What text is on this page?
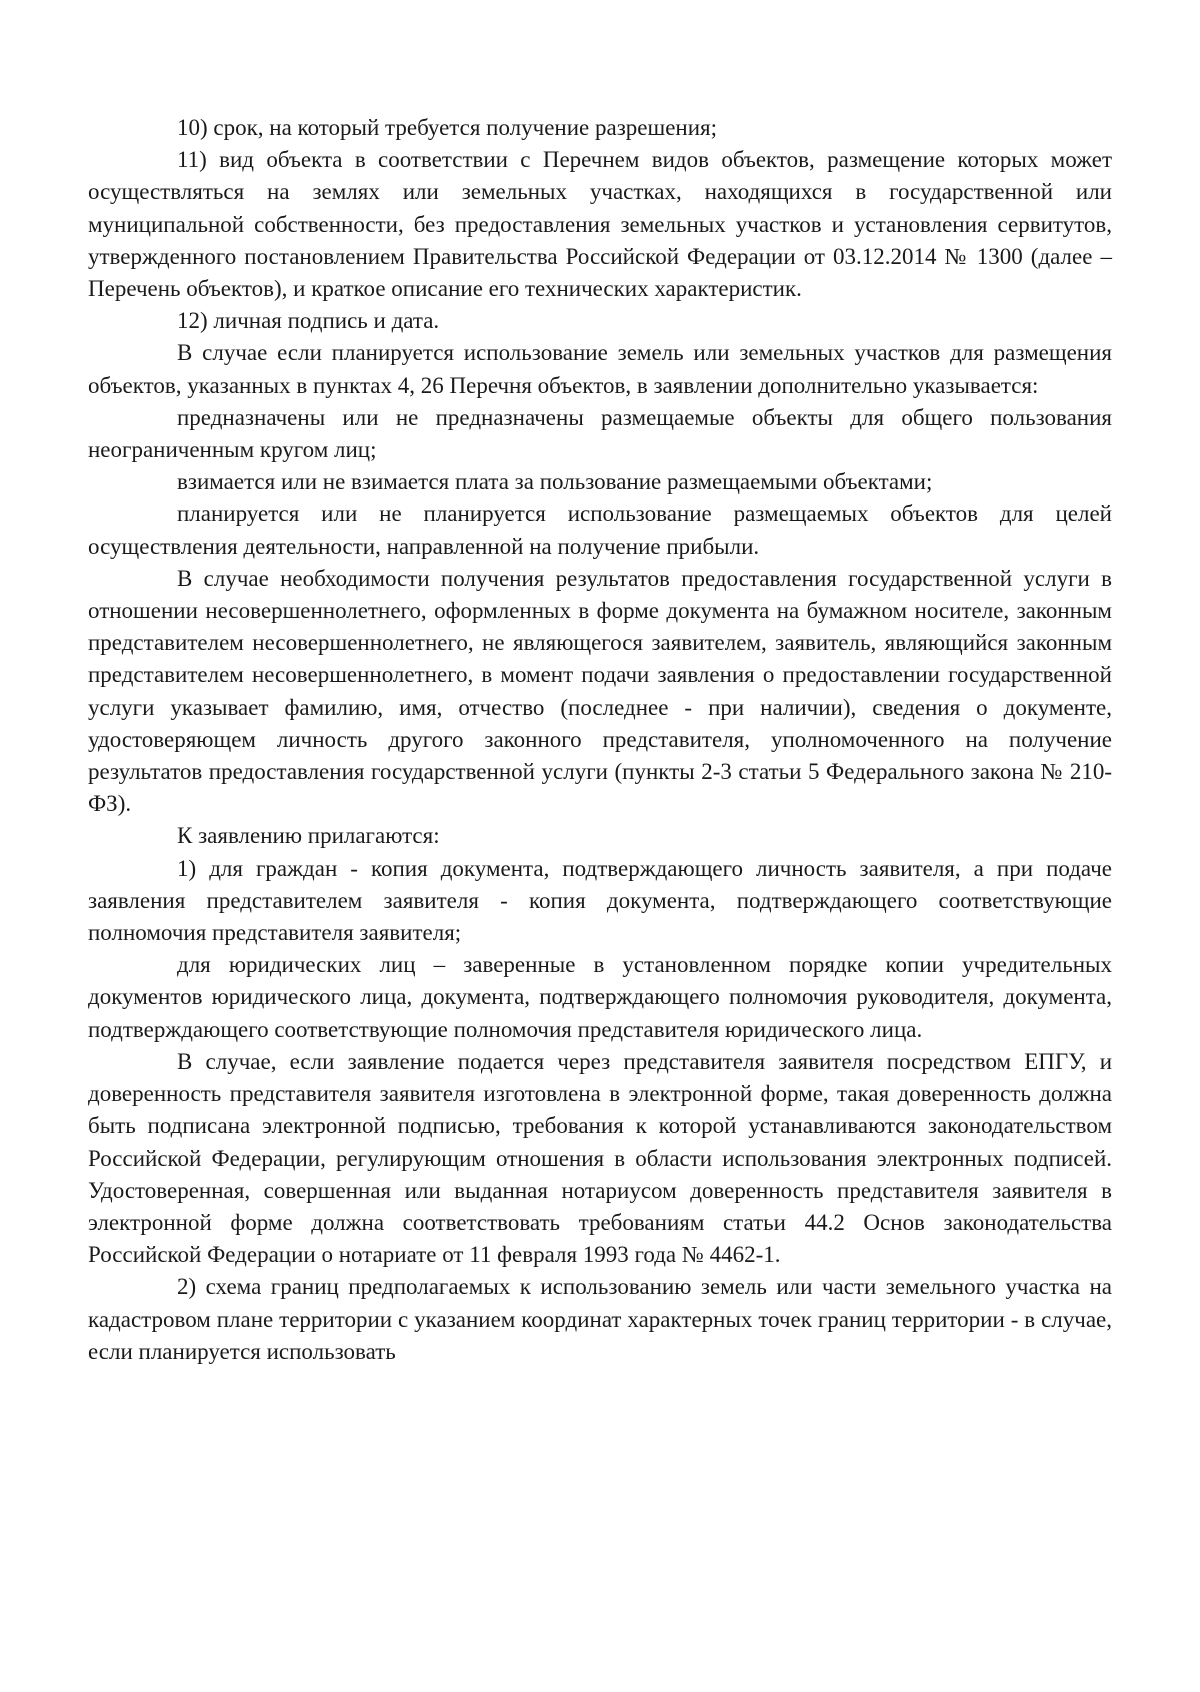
10) срок, на который требуется получение разрешения;

11) вид объекта в соответствии с Перечнем видов объектов, размещение которых может осуществляться на землях или земельных участках, находящихся в государственной или муниципальной собственности, без предоставления земельных участков и установления сервитутов, утвержденного постановлением Правительства Российской Федерации от 03.12.2014 № 1300 (далее – Перечень объектов), и краткое описание его технических характеристик.

12) личная подпись и дата.

В случае если планируется использование земель или земельных участков для размещения объектов, указанных в пунктах 4, 26 Перечня объектов, в заявлении дополнительно указывается:

предназначены или не предназначены размещаемые объекты для общего пользования неограниченным кругом лиц;

взимается или не взимается плата за пользование размещаемыми объектами;

планируется или не планируется использование размещаемых объектов для целей осуществления деятельности, направленной на получение прибыли.

В случае необходимости получения результатов предоставления государственной услуги в отношении несовершеннолетнего, оформленных в форме документа на бумажном носителе, законным представителем несовершеннолетнего, не являющегося заявителем, заявитель, являющийся законным представителем несовершеннолетнего, в момент подачи заявления о предоставлении государственной услуги указывает фамилию, имя, отчество (последнее - при наличии), сведения о документе, удостоверяющем личность другого законного представителя, уполномоченного на получение результатов предоставления государственной услуги (пункты 2-3 статьи 5 Федерального закона № 210-ФЗ).

К заявлению прилагаются:

1) для граждан - копия документа, подтверждающего личность заявителя, а при подаче заявления представителем заявителя - копия документа, подтверждающего соответствующие полномочия представителя заявителя;

для юридических лиц – заверенные в установленном порядке копии учредительных документов юридического лица, документа, подтверждающего полномочия руководителя, документа, подтверждающего соответствующие полномочия представителя юридического лица.

В случае, если заявление подается через представителя заявителя посредством ЕПГУ, и доверенность представителя заявителя изготовлена в электронной форме, такая доверенность должна быть подписана электронной подписью, требования к которой устанавливаются законодательством Российской Федерации, регулирующим отношения в области использования электронных подписей. Удостоверенная, совершенная или выданная нотариусом доверенность представителя заявителя в электронной форме должна соответствовать требованиям статьи 44.2 Основ законодательства Российской Федерации о нотариате от 11 февраля 1993 года № 4462-1.

2) схема границ предполагаемых к использованию земель или части земельного участка на кадастровом плане территории с указанием координат характерных точек границ территории - в случае, если планируется использовать
